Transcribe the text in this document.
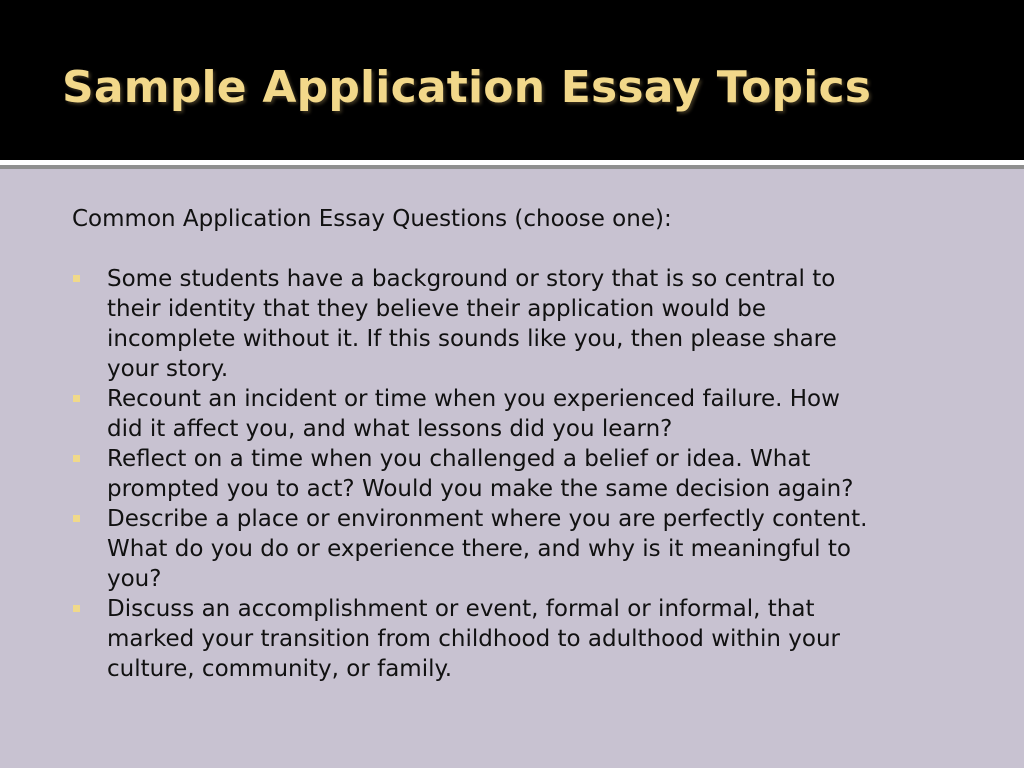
Sample Application Essay Topics

Common Application Essay Questions (choose one):

Some students have a background or story that is so central to
their identity that they believe their application would be
incomplete without it. If this sounds like you, then please share
your story.
Recount an incident or time when you experienced failure. How
did it affect you, and what lessons did you learn?
Reflect on a time when you challenged a belief or idea. What
prompted you to act? Would you make the same decision again?
Describe a place or environment where you are perfectly content.
What do you do or experience there, and why is it meaningful to
you?
Discuss an accomplishment or event, formal or informal, that
marked your transition from childhood to adulthood within your
culture, community, or family.
